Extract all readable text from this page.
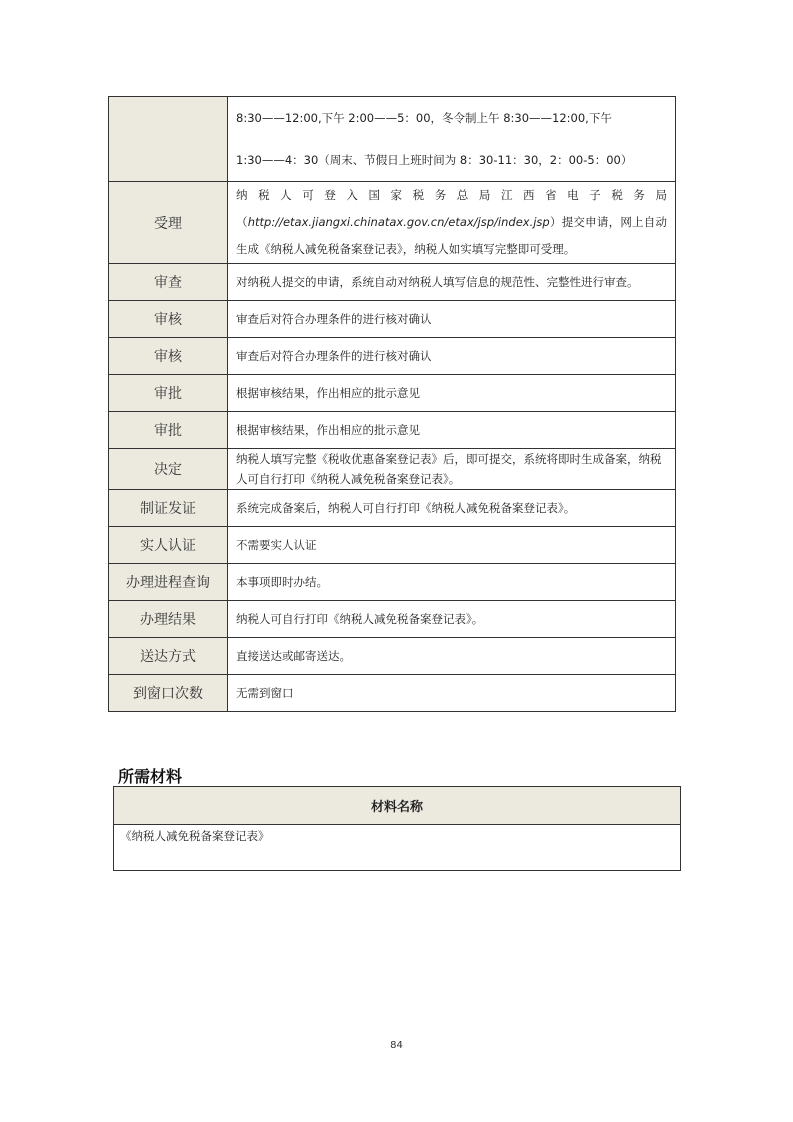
	8:30——12:00,下午 2:00——5：00，冬令制上午 8:30——12:00,下午
1:30——4：30（周末、节假日上班时间为 8：30-11：30，2：00-5：00）

受理	纳税人可登入国家税务总局江西省电子税务局（http://etax.jiangxi.chinatax.gov.cn/etax/jsp/index.jsp）提交申请，网上自动生成《纳税人减免税备案登记表》，纳税人如实填写完整即可受理。
审查	对纳税人提交的申请，系统自动对纳税人填写信息的规范性、完整性进行审查。
审核	审查后对符合办理条件的进行核对确认
审核	审查后对符合办理条件的进行核对确认
审批	根据审核结果，作出相应的批示意见
审批	根据审核结果，作出相应的批示意见
决定	纳税人填写完整《税收优惠备案登记表》后，即可提交，系统将即时生成备案，纳税人可自行打印《纳税人减免税备案登记表》。
制证发证	系统完成备案后，纳税人可自行打印《纳税人减免税备案登记表》。
实人认证	不需要实人认证
办理进程查询	本事项即时办结。
办理结果	纳税人可自行打印《纳税人减免税备案登记表》。
送达方式	直接送达或邮寄送达。
到窗口次数	无需到窗口
所需材料
材料名称
《纳税人减免税备案登记表》
84
